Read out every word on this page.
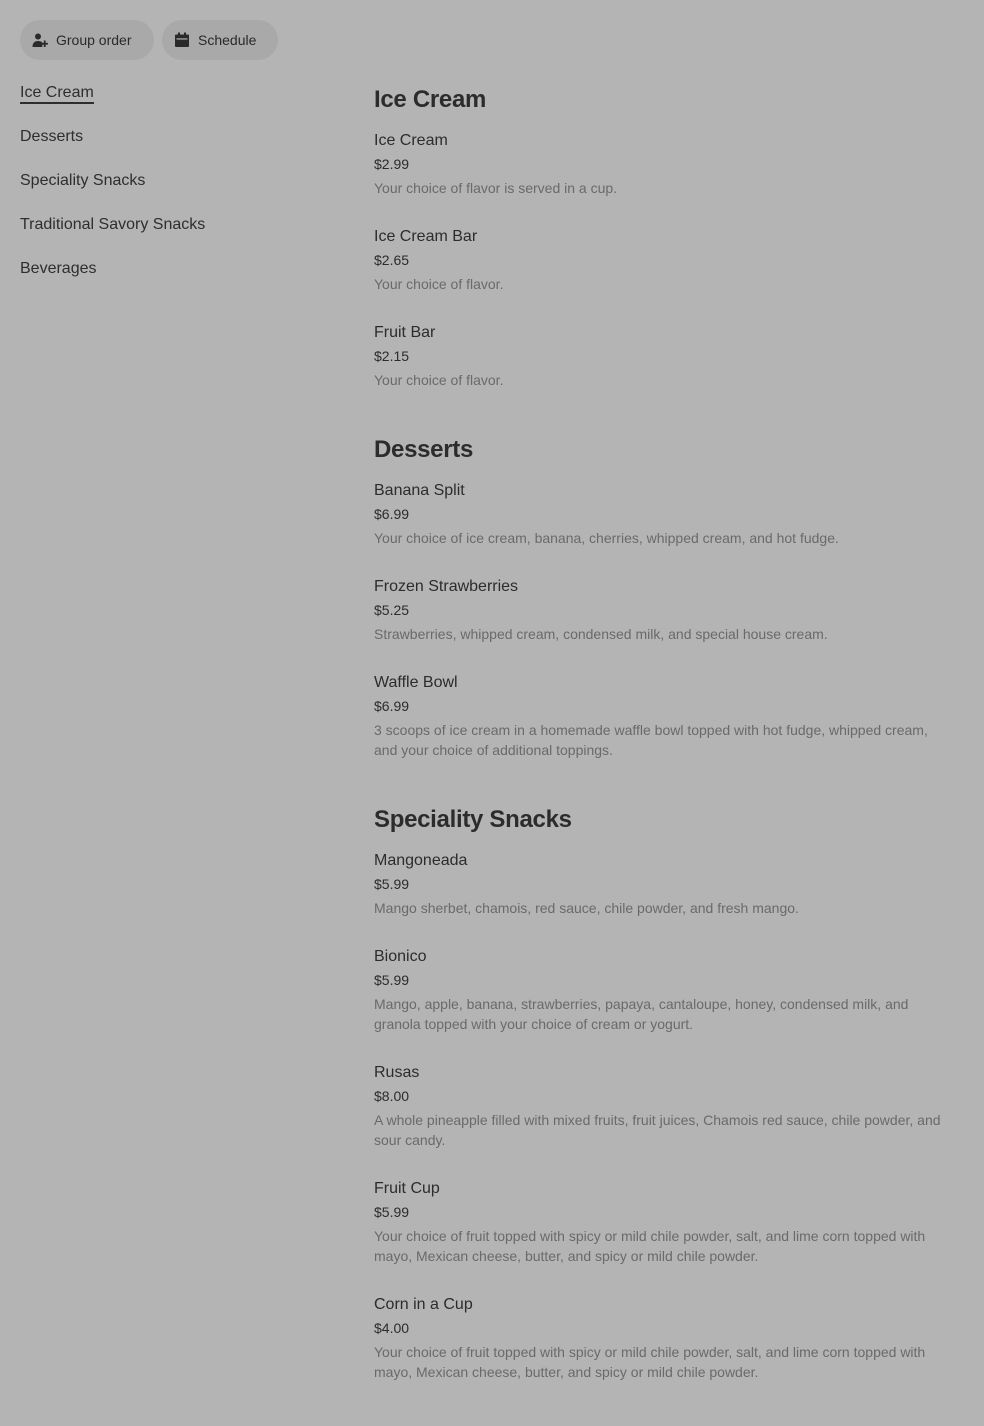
Group order	Schedule
Ice Cream
Desserts
Speciality Snacks
Traditional Savory Snacks
Beverages
Ice Cream
Ice Cream
$2.99
Your choice of flavor is served in a cup.
Ice Cream Bar
$2.65
Your choice of flavor.
Fruit Bar
$2.15
Your choice of flavor.
Desserts
Banana Split
$6.99
Your choice of ice cream, banana, cherries, whipped cream, and hot fudge.
Frozen Strawberries
$5.25
Strawberries, whipped cream, condensed milk, and special house cream.
Waffle Bowl
$6.99
3 scoops of ice cream in a homemade waffle bowl topped with hot fudge, whipped cream, and your choice of additional toppings.
Speciality Snacks
Mangoneada
$5.99
Mango sherbet, chamois, red sauce, chile powder, and fresh mango.
Bionico
$5.99
Mango, apple, banana, strawberries, papaya, cantaloupe, honey, condensed milk, and granola topped with your choice of cream or yogurt.
Rusas
$8.00
A whole pineapple filled with mixed fruits, fruit juices, Chamois red sauce, chile powder, and sour candy.
Fruit Cup
$5.99
Your choice of fruit topped with spicy or mild chile powder, salt, and lime corn topped with mayo, Mexican cheese, butter, and spicy or mild chile powder.
Corn in a Cup
$4.00
Your choice of fruit topped with spicy or mild chile powder, salt, and lime corn topped with mayo, Mexican cheese, butter, and spicy or mild chile powder.
